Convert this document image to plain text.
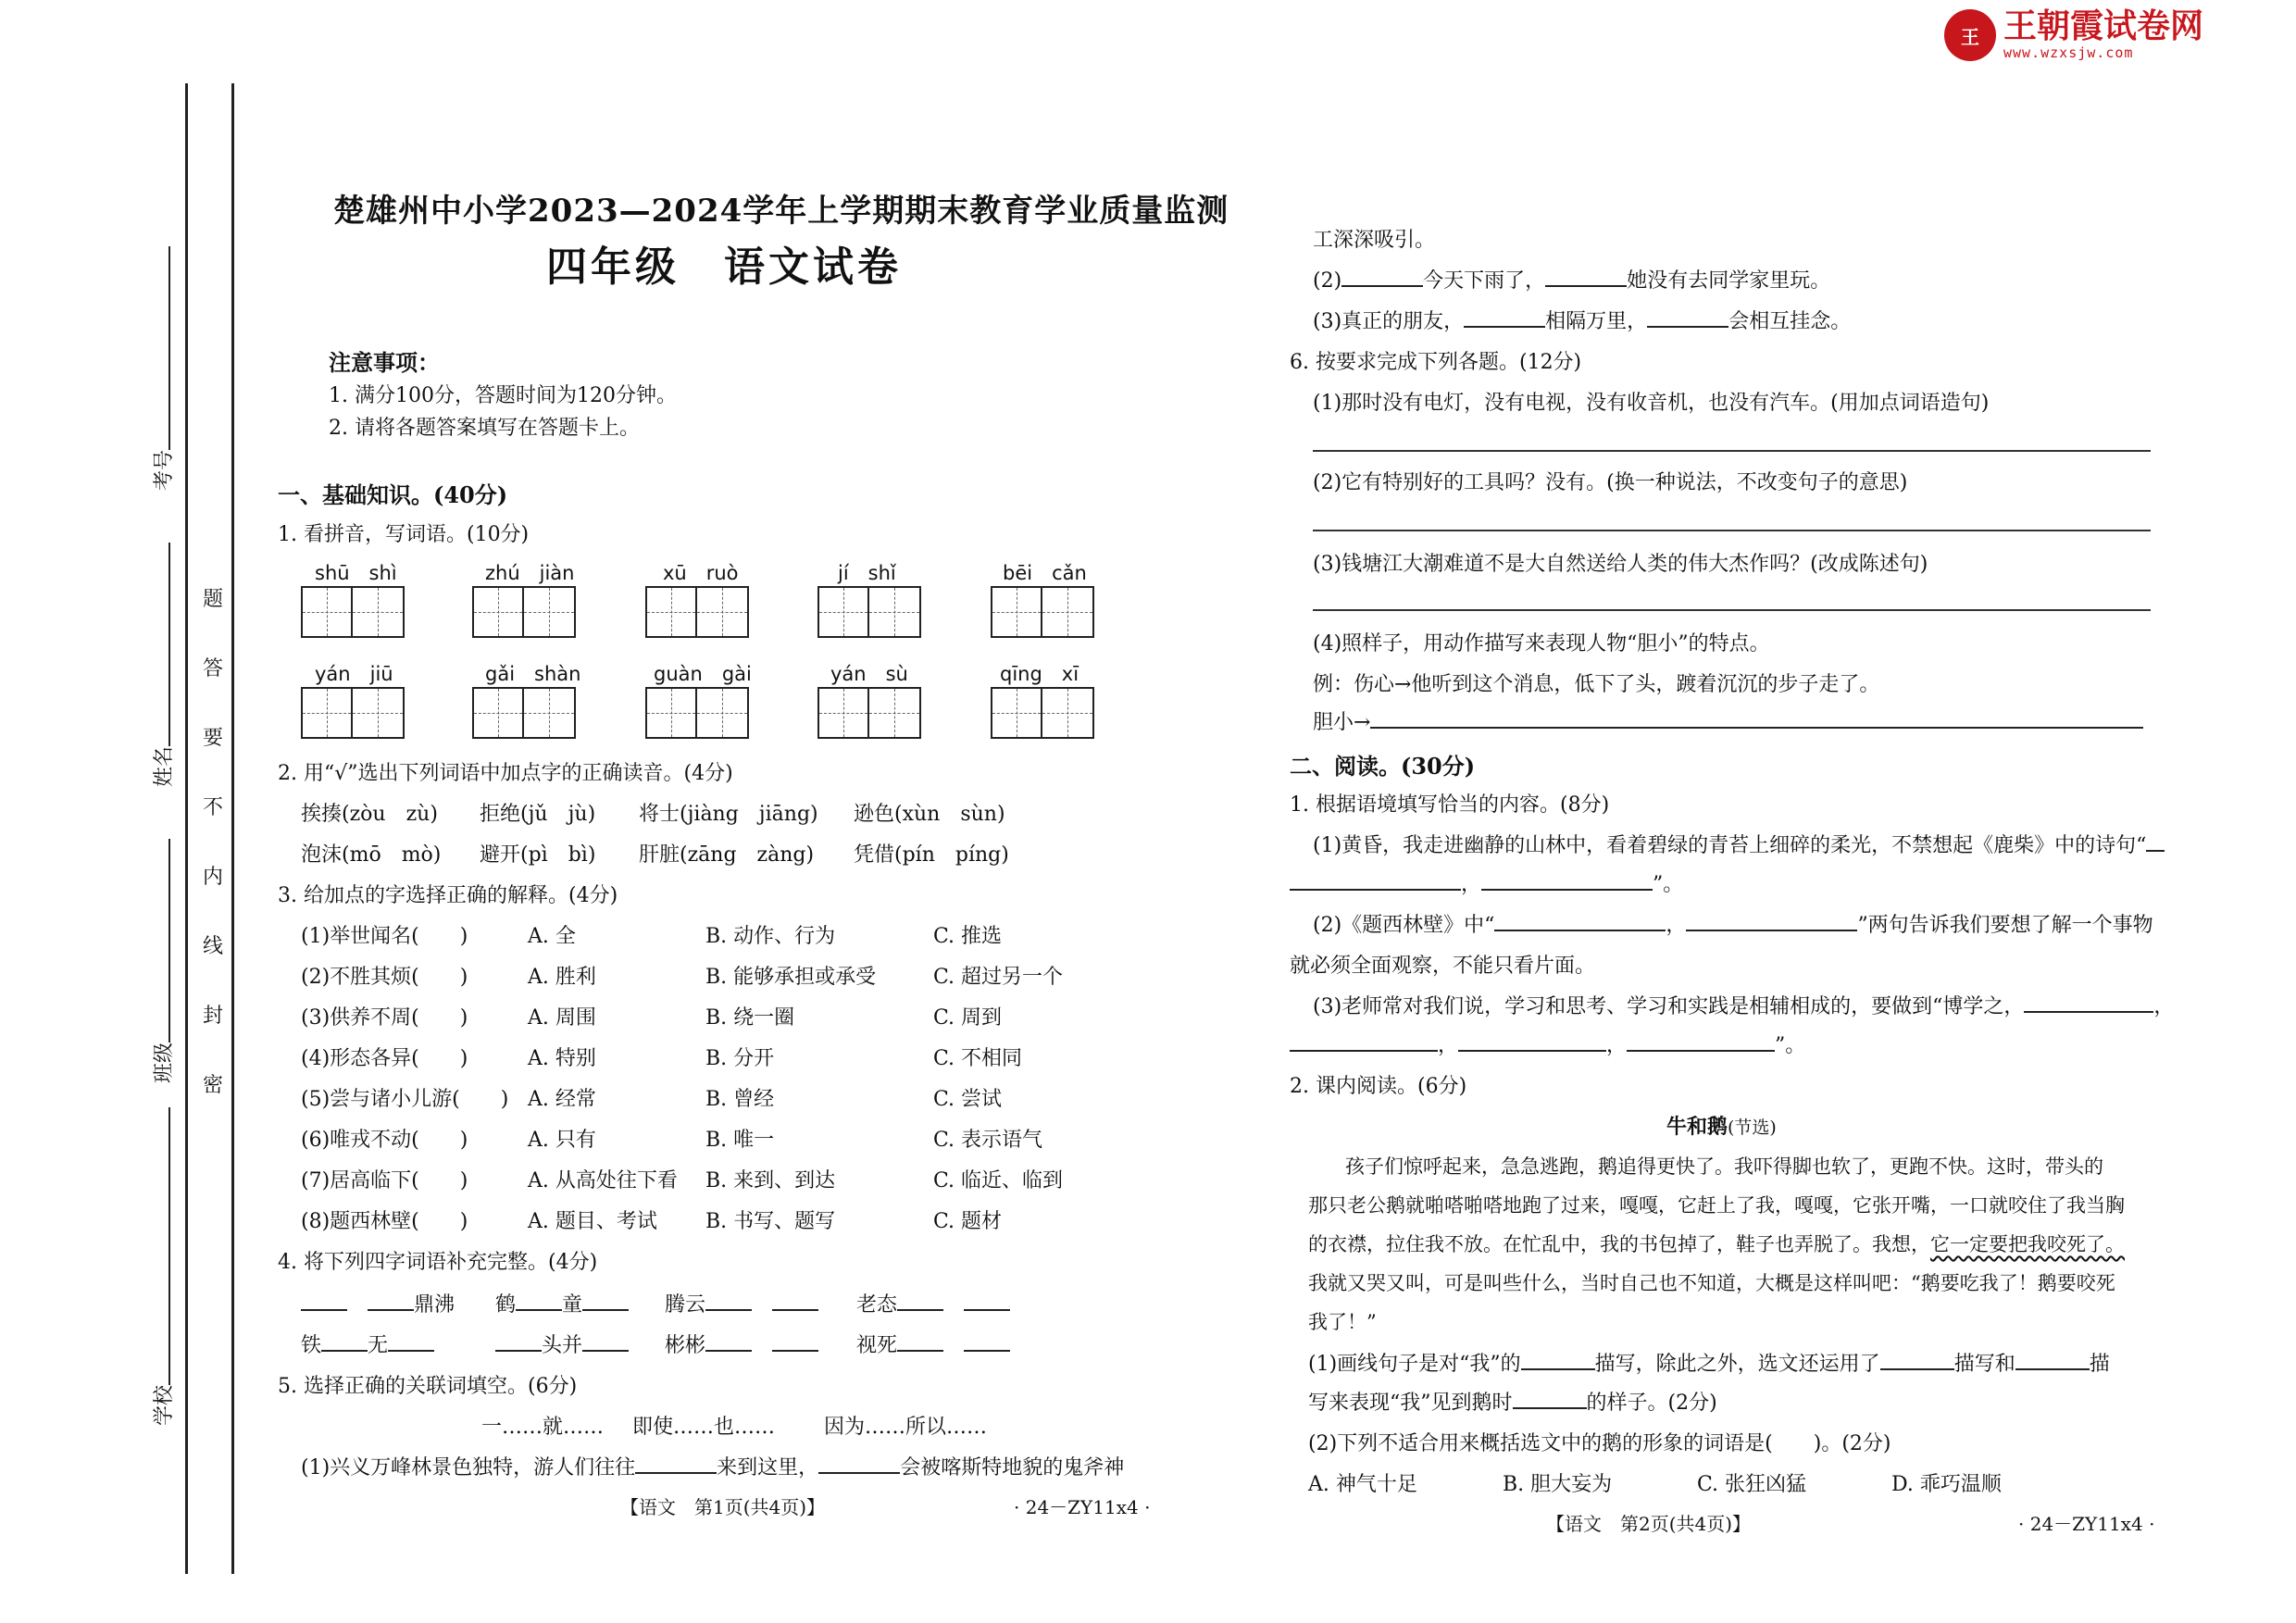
王 王朝霞试卷网
www.wzxsjw.com
考号
姓名
班级
学校
题
答
要
不
内
线
封
密
楚雄州中小学2023—2024学年上学期期末教育学业质量监测
四年级　语文试卷
注意事项：
1. 满分100分，答题时间为120分钟。
2. 请将各题答案填写在答题卡上。
一、基础知识。(40分)
1. 看拼音，写词语。(10分)
shū　shì	zhú　jiàn	xū　ruò	jí　shǐ	bēi　cǎn
yán　jiū	gǎi　shàn	guàn　gài	yán　sù	qīng　xī
2. 用“√”选出下列词语中加点字的正确读音。(4分)
挨揍(zòu　zù) 拒绝(jǔ　jù) 将士(jiàng　jiāng) 逊色(xùn　sùn)
泡沫(mō　mò) 避开(pì　bì) 肝脏(zāng　zàng) 凭借(pín　píng)
3. 给加点的字选择正确的解释。(4分)
(1)举世闻名(　　)	A. 全	B. 动作、行为	C. 推选
(2)不胜其烦(　　)	A. 胜利	B. 能够承担或承受	C. 超过另一个
(3)供养不周(　　)	A. 周围	B. 绕一圈	C. 周到
(4)形态各异(　　)	A. 特别	B. 分开	C. 不相同
(5)尝与诸小儿游(　　) A. 经常	B. 曾经	C. 尝试
(6)唯戎不动(　　)	A. 只有	B. 唯一	C. 表示语气
(7)居高临下(　　)	A. 从高处往下看 B. 来到、到达	C. 临近、临到
(8)题西林壁(　　)	A. 题目、考试 B. 书写、题写	C. 题材
4. 将下列四字词语补充完整。(4分)
　鼎沸 鹤 童	腾云　	老态　
铁 无	头并	彬彬　	视死　
5. 选择正确的关联词填空。(6分)
一……就…… 即使……也…… 因为……所以……
(1)兴义万峰林景色独特，游人们往往	来到这里，	会被喀斯特地貌的鬼斧神
【语文　第1页(共4页)】	· 24－ZY11x4 ·
工深深吸引。
(2)	今天下雨了，	她没有去同学家里玩。
(3)真正的朋友，	相隔万里，	会相互挂念。
6. 按要求完成下列各题。(12分)
(1)那时没有电灯，没有电视，没有收音机，也没有汽车。(用加点词语造句)
(2)它有特别好的工具吗？没有。(换一种说法，不改变句子的意思)
(3)钱塘江大潮难道不是大自然送给人类的伟大杰作吗？(改成陈述句)
(4)照样子，用动作描写来表现人物“胆小”的特点。
例：伤心→他听到这个消息，低下了头，踱着沉沉的步子走了。
胆小→
二、阅读。(30分)
1. 根据语境填写恰当的内容。(8分)
(1)黄昏，我走进幽静的山林中，看着碧绿的青苔上细碎的柔光，不禁想起《鹿柴》中的诗句“
，	”。
(2)《题西林壁》中“	，	”两句告诉我们要想了解一个事物
就必须全面观察，不能只看片面。
(3)老师常对我们说，学习和思考、学习和实践是相辅相成的，要做到“博学之，	，
，	，	”。
2. 课内阅读。(6分)
牛和鹅(节选)
孩子们惊呼起来，急急逃跑，鹅追得更快了。我吓得脚也软了，更跑不快。这时，带头的
那只老公鹅就啪嗒啪嗒地跑了过来，嘎嘎，它赶上了我，嘎嘎，它张开嘴，一口就咬住了我当胸
的衣襟，拉住我不放。在忙乱中，我的书包掉了，鞋子也弄脱了。我想，它一定要把我咬死了。
我就又哭又叫，可是叫些什么，当时自己也不知道，大概是这样叫吧：“鹅要吃我了！鹅要咬死
我了！”
(1)画线句子是对“我”的	描写，除此之外，选文还运用了	描写和	描
写来表现“我”见到鹅时	的样子。(2分)
(2)下列不适合用来概括选文中的鹅的形象的词语是(　　)。(2分)
A. 神气十足	B. 胆大妄为	C. 张狂凶猛	D. 乖巧温顺
【语文　第2页(共4页)】	· 24－ZY11x4 ·
